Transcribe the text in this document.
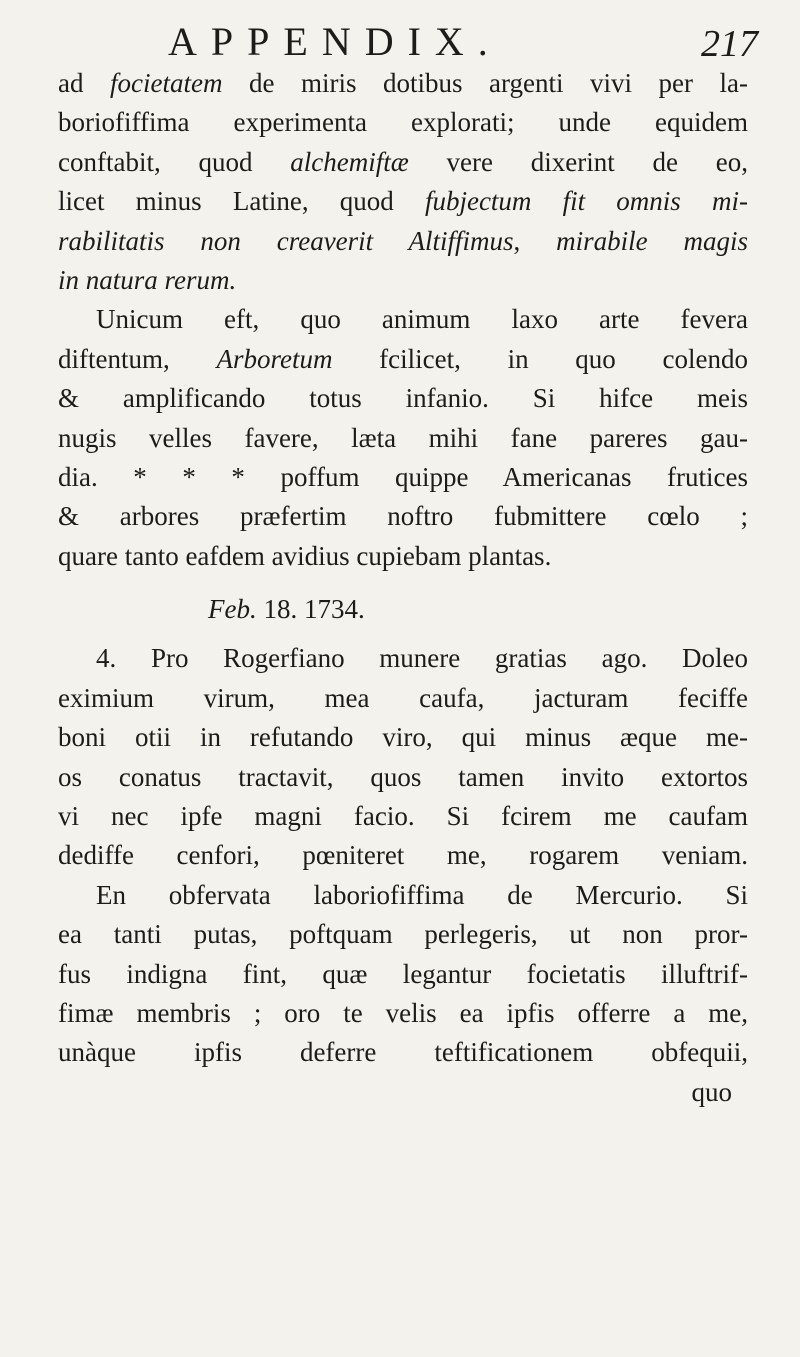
APPENDIX.	217
ad focietatem de miris dotibus argenti vivi per la-
boriofiffima experimenta explorati; unde equidem
conftabit, quod alchemiftæ vere dixerint de eo,
licet minus Latine, quod fubjectum fit omnis mi-
rabilitatis non creaverit Altiffimus, mirabile magis
in natura rerum.
Unicum eft, quo animum laxo arte fevera
diftentum, Arboretum fcilicet, in quo colendo
& amplificando totus infanio. Si hifce meis
nugis velles favere, læta mihi fane pareres gau-
dia. * * * poffum quippe Americanas frutices
& arbores præfertim noftro fubmittere cœlo ;
quare tanto eafdem avidius cupiebam plantas.
Feb. 18. 1734.
4. Pro Rogerfiano munere gratias ago. Doleo
eximium virum, mea caufa, jacturam feciffe
boni otii in refutando viro, qui minus æque me-
os conatus tractavit, quos tamen invito extortos
vi nec ipfe magni facio. Si fcirem me caufam
dediffe cenfori, pœniteret me, rogarem veniam.
En obfervata laboriofiffima de Mercurio. Si
ea tanti putas, poftquam perlegeris, ut non pror-
fus indigna fint, quæ legantur focietatis illuftrif-
fimæ membris ; oro te velis ea ipfis offerre a me,
unàque ipfis deferre teftificationem obfequii,
quo
